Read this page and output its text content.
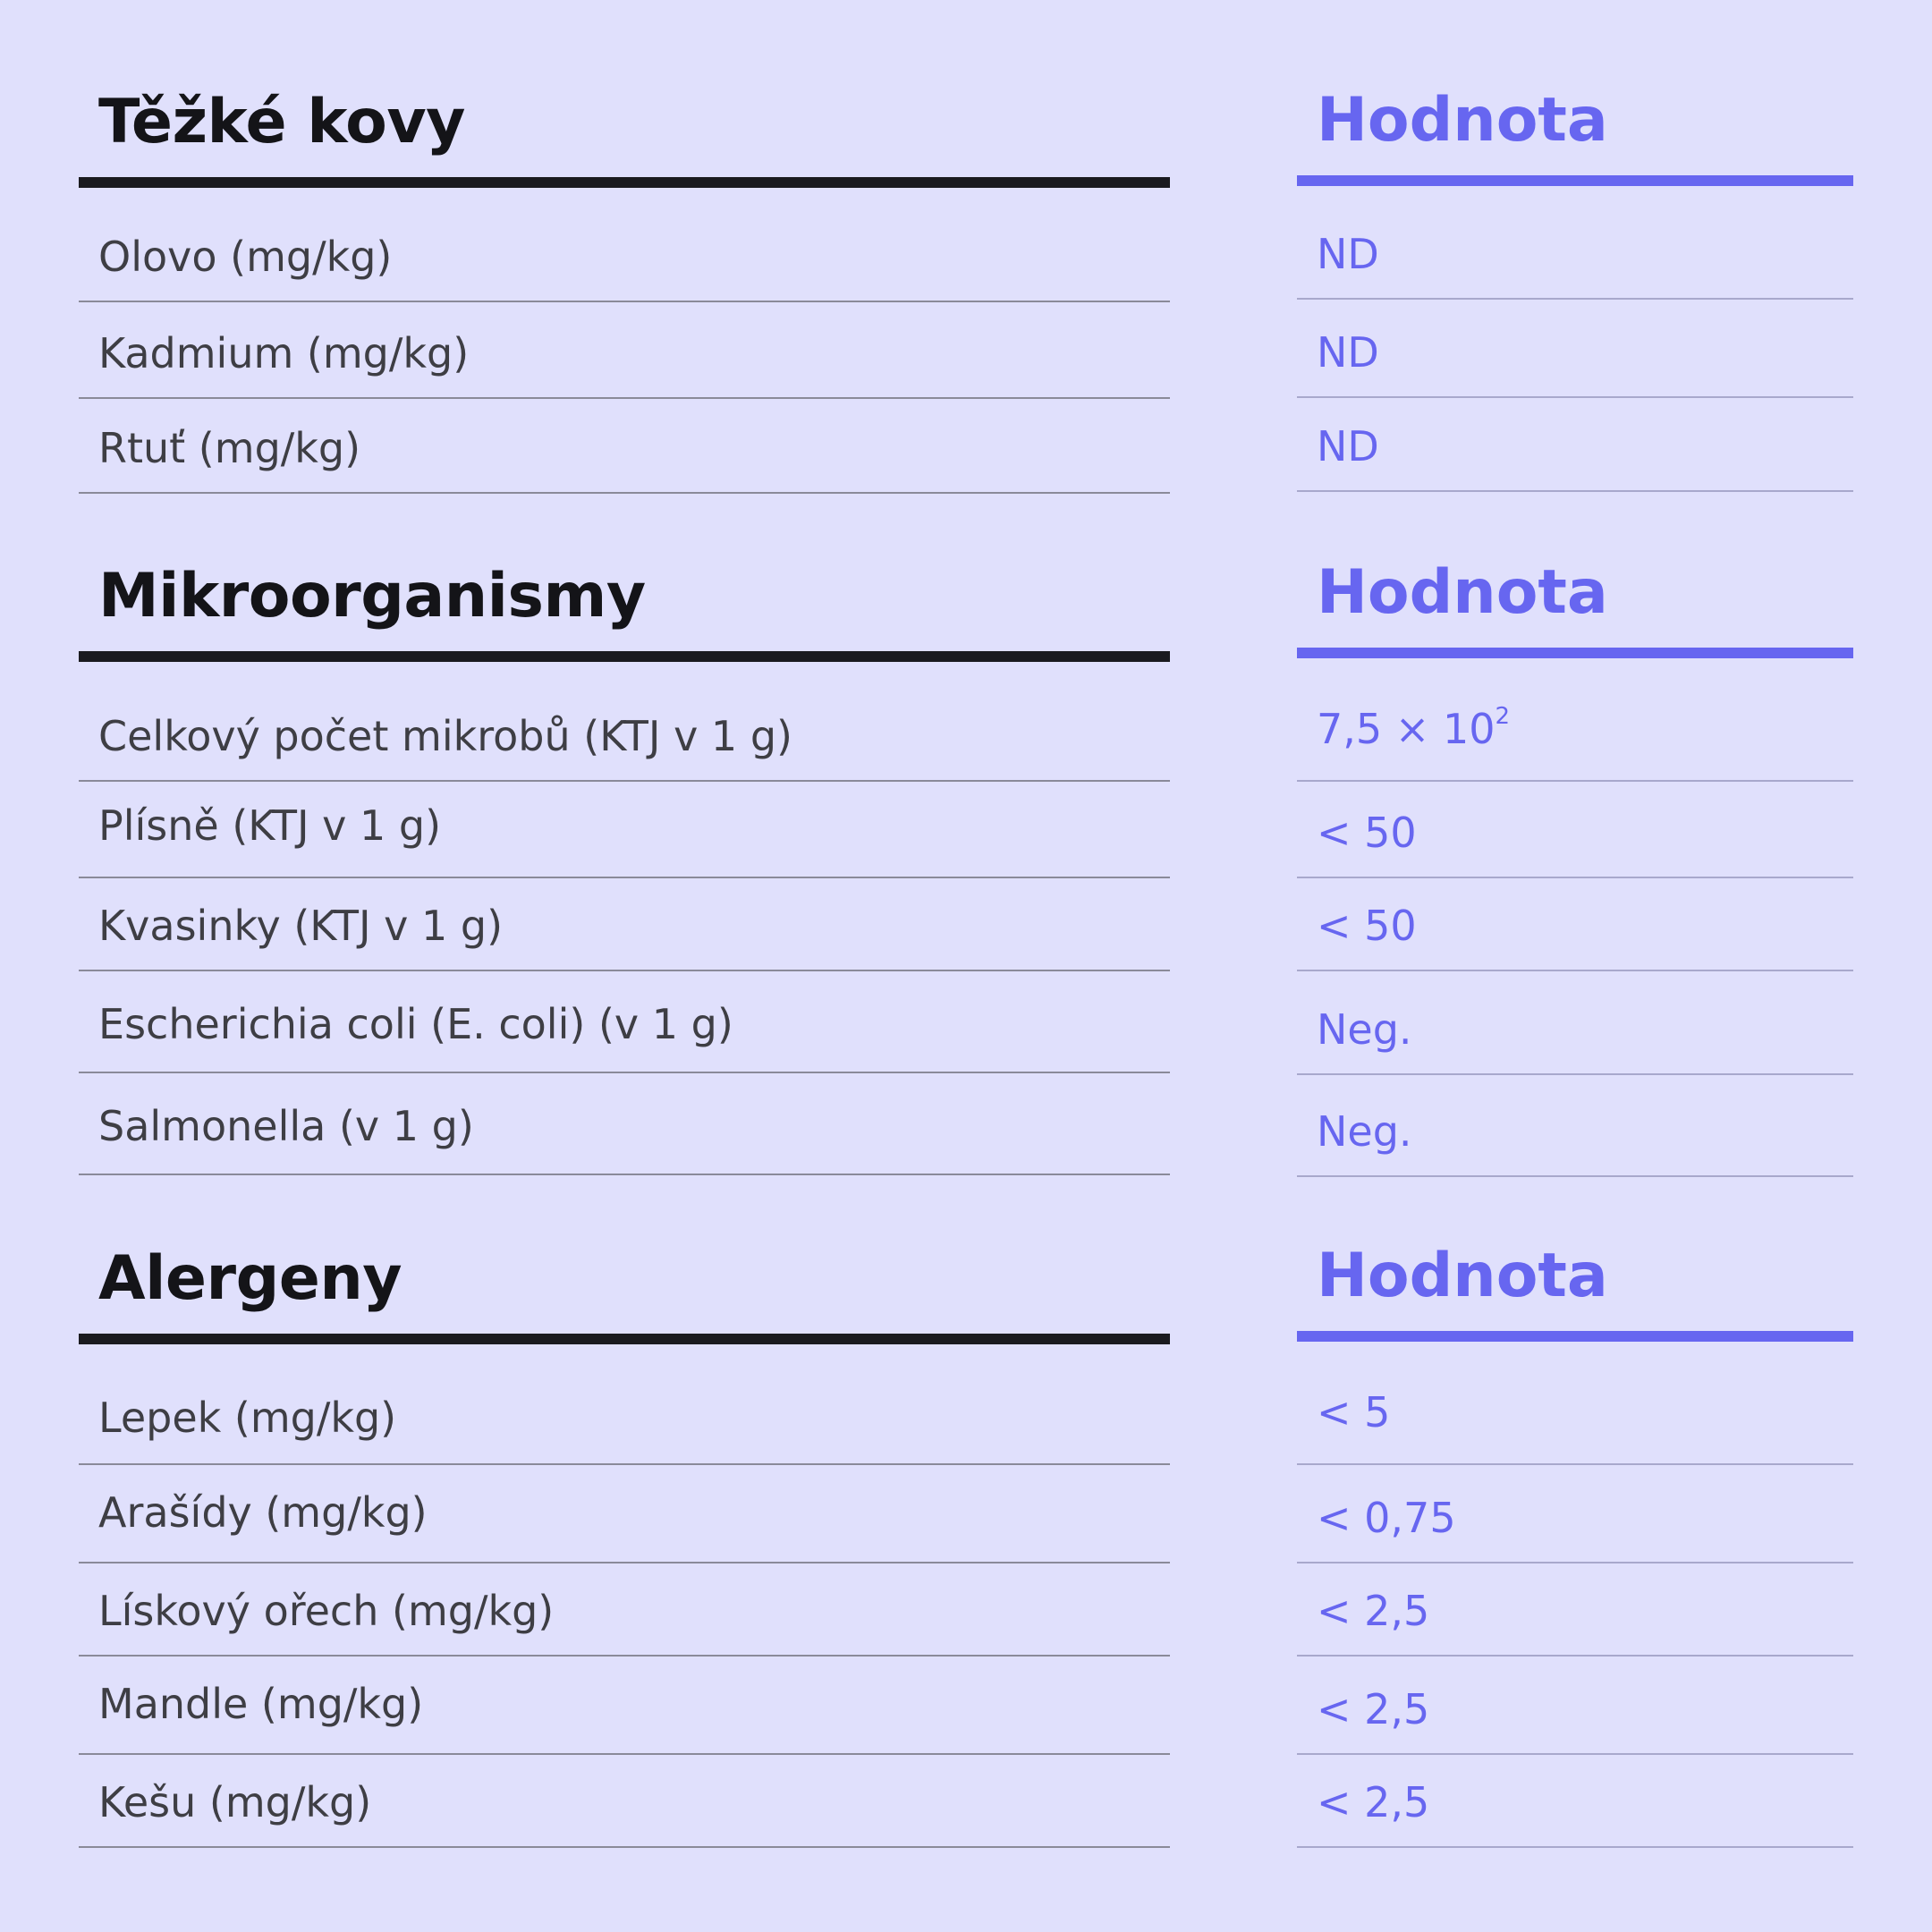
Těžké kovy	Hodnota
Olovo (mg/kg)	ND
Kadmium (mg/kg)	ND
Rtuť (mg/kg)	ND
Mikroorganismy	Hodnota
Celkový počet mikrobů (KTJ v 1 g)	$7,5 \times 10^2$
Plísně (KTJ v 1 g)	< 50
Kvasinky (KTJ v 1 g)	< 50
Escherichia coli (E. coli) (v 1 g)	Neg.
Salmonella (v 1 g)	Neg.
Alergeny	Hodnota
Lepek (mg/kg)	< 5
Arašídy (mg/kg)	< 0,75
Lískový ořech (mg/kg)	< 2,5
Mandle (mg/kg)	< 2,5
Kešu (mg/kg)	< 2,5
